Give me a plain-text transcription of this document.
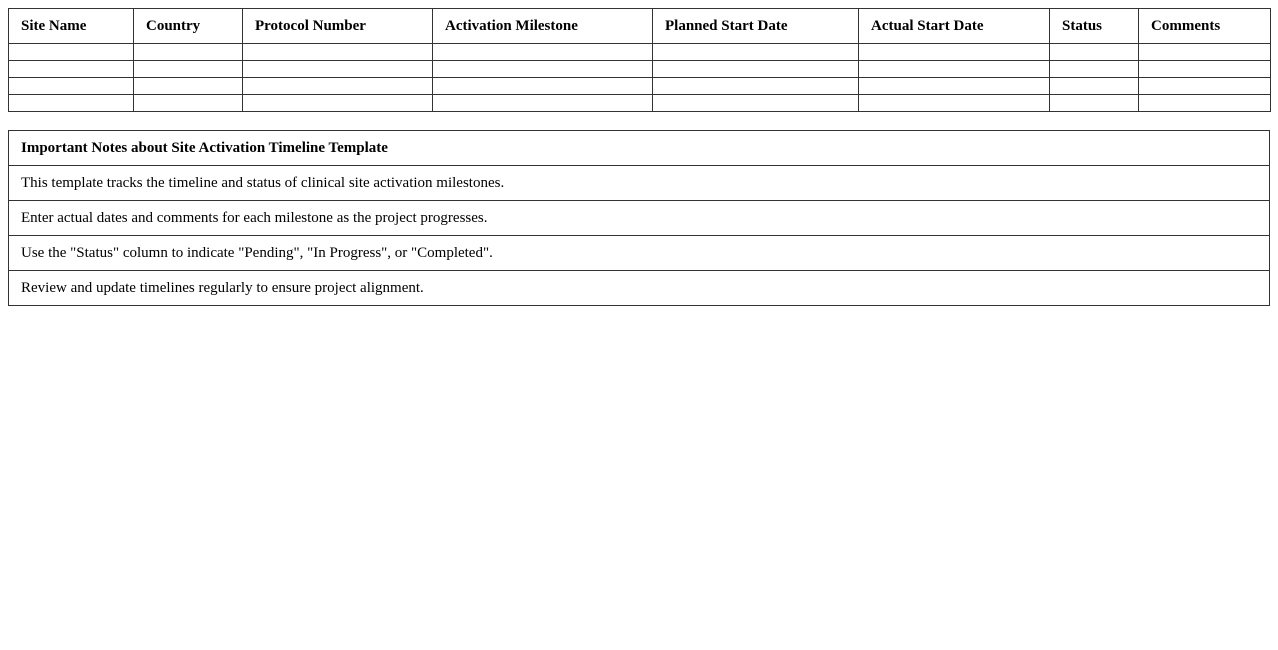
Site Name	Country	Protocol Number	Activation Milestone	Planned Start Date	Actual Start Date	Status	Comments

Important Notes about Site Activation Timeline Template
This template tracks the timeline and status of clinical site activation milestones.
Enter actual dates and comments for each milestone as the project progresses.
Use the "Status" column to indicate "Pending", "In Progress", or "Completed".
Review and update timelines regularly to ensure project alignment.
